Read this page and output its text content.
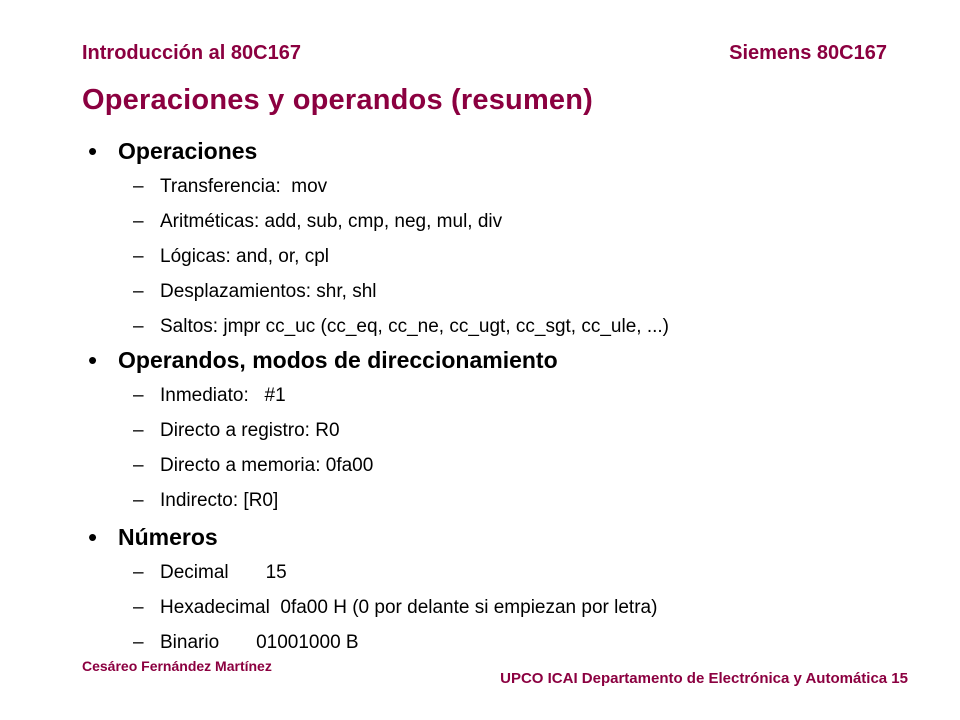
Introducción al 80C167	Siemens 80C167
Operaciones y operandos (resumen)
• Operaciones
– Transferencia:  mov
– Aritméticas: add, sub, cmp, neg, mul, div
– Lógicas: and, or, cpl
– Desplazamientos: shr, shl
– Saltos: jmpr cc_uc (cc_eq, cc_ne, cc_ugt, cc_sgt, cc_ule, ...)
• Operandos, modos de direccionamiento
– Inmediato:   #1
– Directo a registro: R0
– Directo a memoria: 0fa00
– Indirecto: [R0]
• Números
– Decimal       15
– Hexadecimal  0fa00 H (0 por delante si empiezan por letra)
– Binario       01001000 B
Cesáreo Fernández Martínez
UPCO ICAI Departamento de Electrónica y Automática 15
